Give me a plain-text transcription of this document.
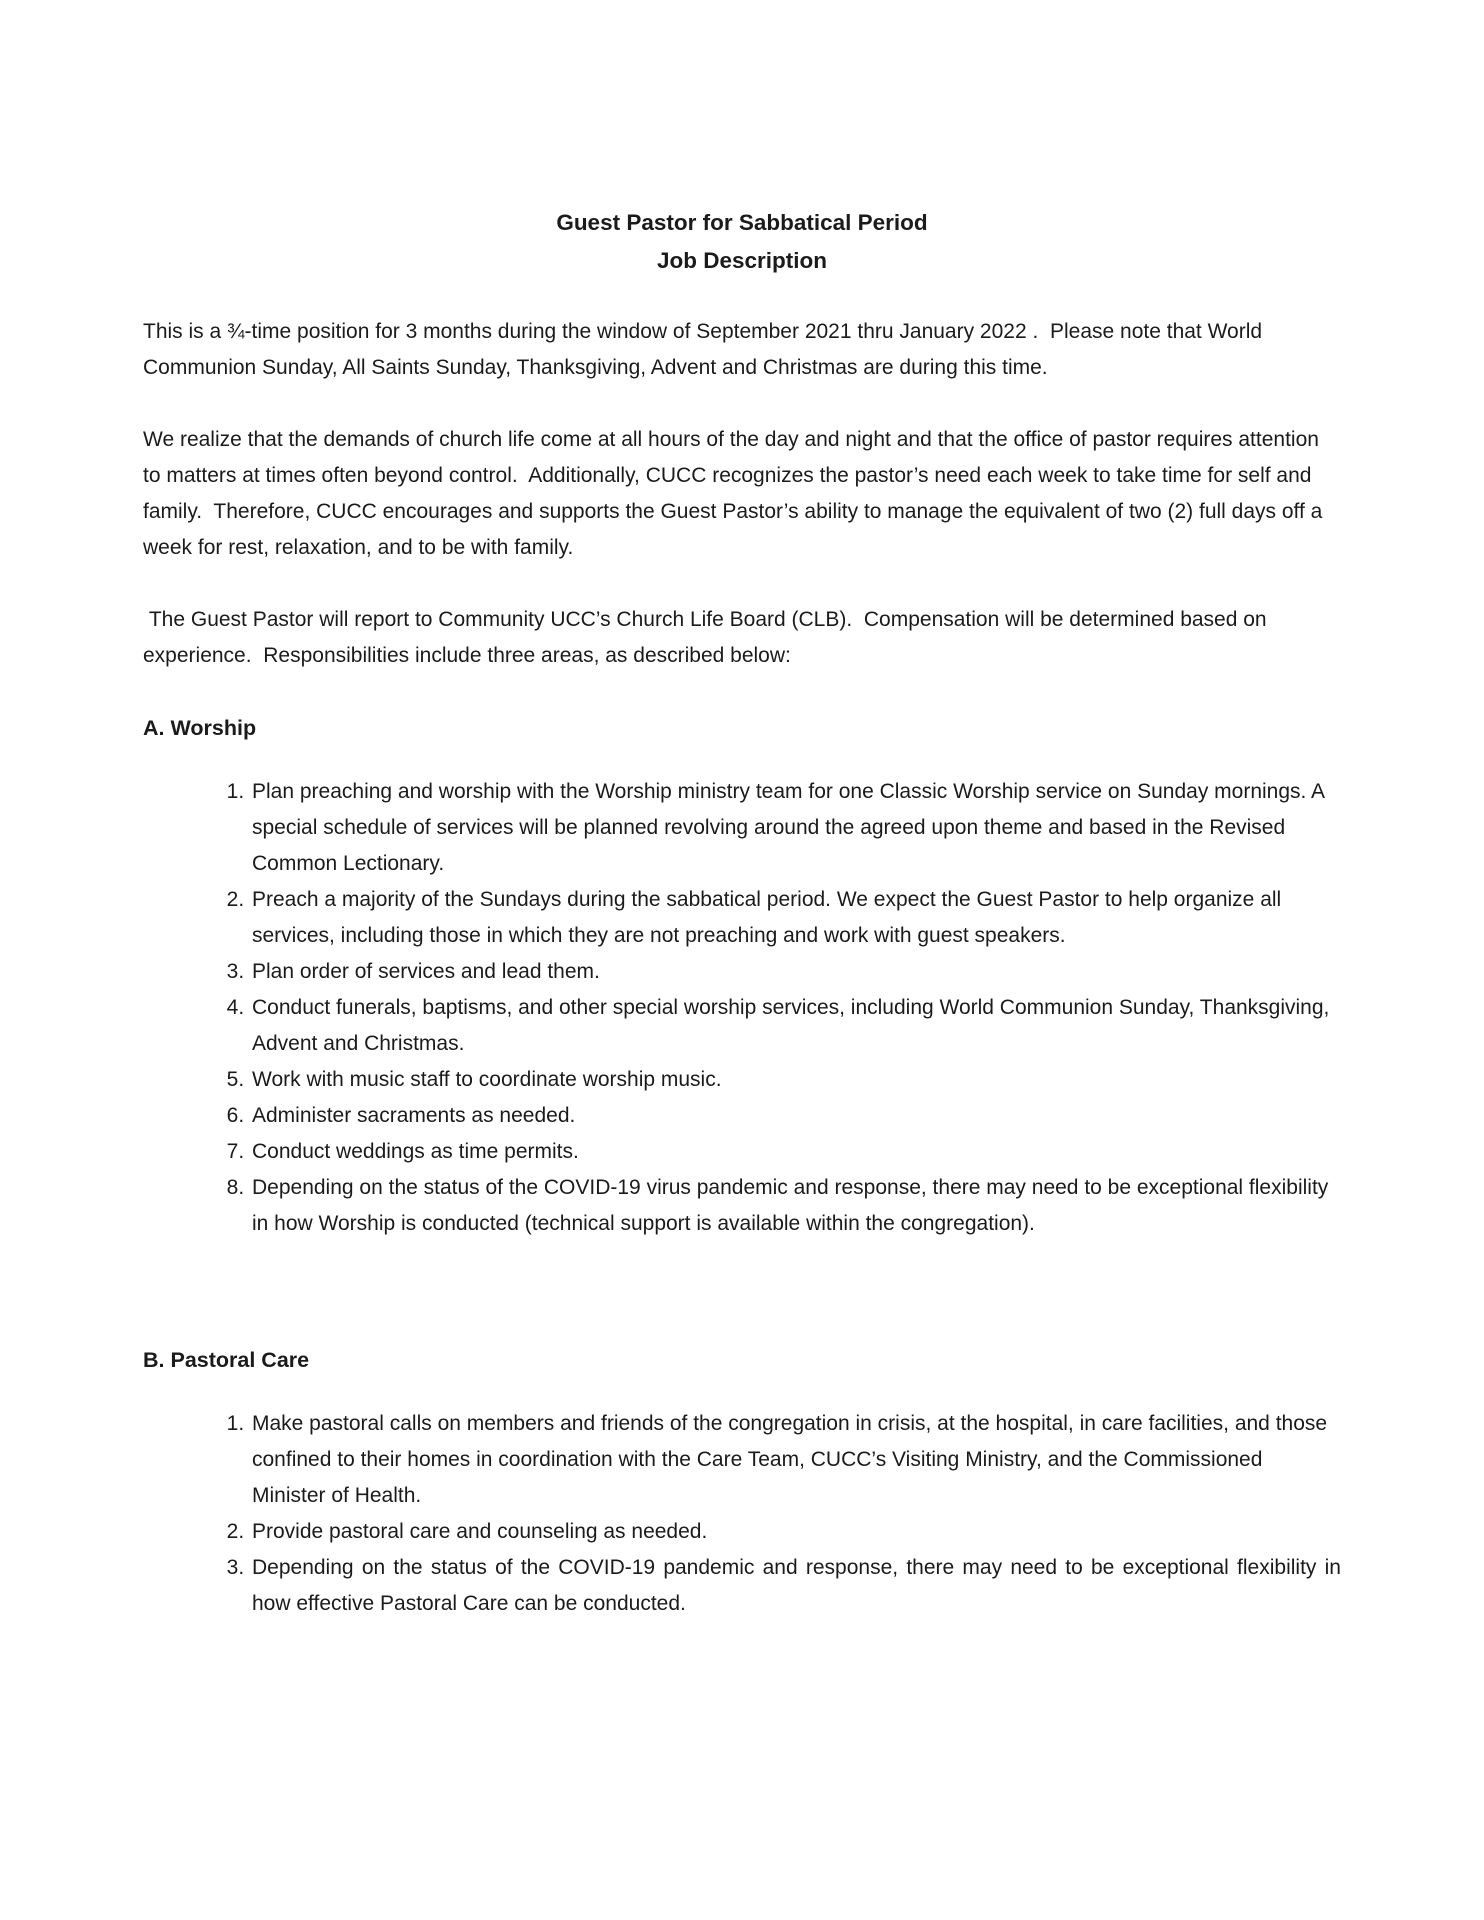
Guest Pastor for Sabbatical Period
Job Description

This is a ¾-time position for 3 months during the window of September 2021 thru January 2022 .  Please note that World Communion Sunday, All Saints Sunday, Thanksgiving, Advent and Christmas are during this time.

We realize that the demands of church life come at all hours of the day and night and that the office of pastor requires attention to matters at times often beyond control.  Additionally, CUCC recognizes the pastor’s need each week to take time for self and family.  Therefore, CUCC encourages and supports the Guest Pastor’s ability to manage the equivalent of two (2) full days off a week for rest, relaxation, and to be with family.

The Guest Pastor will report to Community UCC’s Church Life Board (CLB).  Compensation will be determined based on experience.  Responsibilities include three areas, as described below:

A. Worship
1. Plan preaching and worship with the Worship ministry team for one Classic Worship service on Sunday mornings. A special schedule of services will be planned revolving around the agreed upon theme and based in the Revised Common Lectionary.
2. Preach a majority of the Sundays during the sabbatical period. We expect the Guest Pastor to help organize all services, including those in which they are not preaching and work with guest speakers.
3. Plan order of services and lead them.
4. Conduct funerals, baptisms, and other special worship services, including World Communion Sunday, Thanksgiving, Advent and Christmas.
5. Work with music staff to coordinate worship music.
6. Administer sacraments as needed.
7. Conduct weddings as time permits.
8. Depending on the status of the COVID-19 virus pandemic and response, there may need to be exceptional flexibility in how Worship is conducted (technical support is available within the congregation).
B. Pastoral Care
1. Make pastoral calls on members and friends of the congregation in crisis, at the hospital, in care facilities, and those confined to their homes in coordination with the Care Team, CUCC’s Visiting Ministry, and the Commissioned Minister of Health.
2. Provide pastoral care and counseling as needed.
3. Depending on the status of the COVID-19 pandemic and response, there may need to be exceptional flexibility in how effective Pastoral Care can be conducted.
